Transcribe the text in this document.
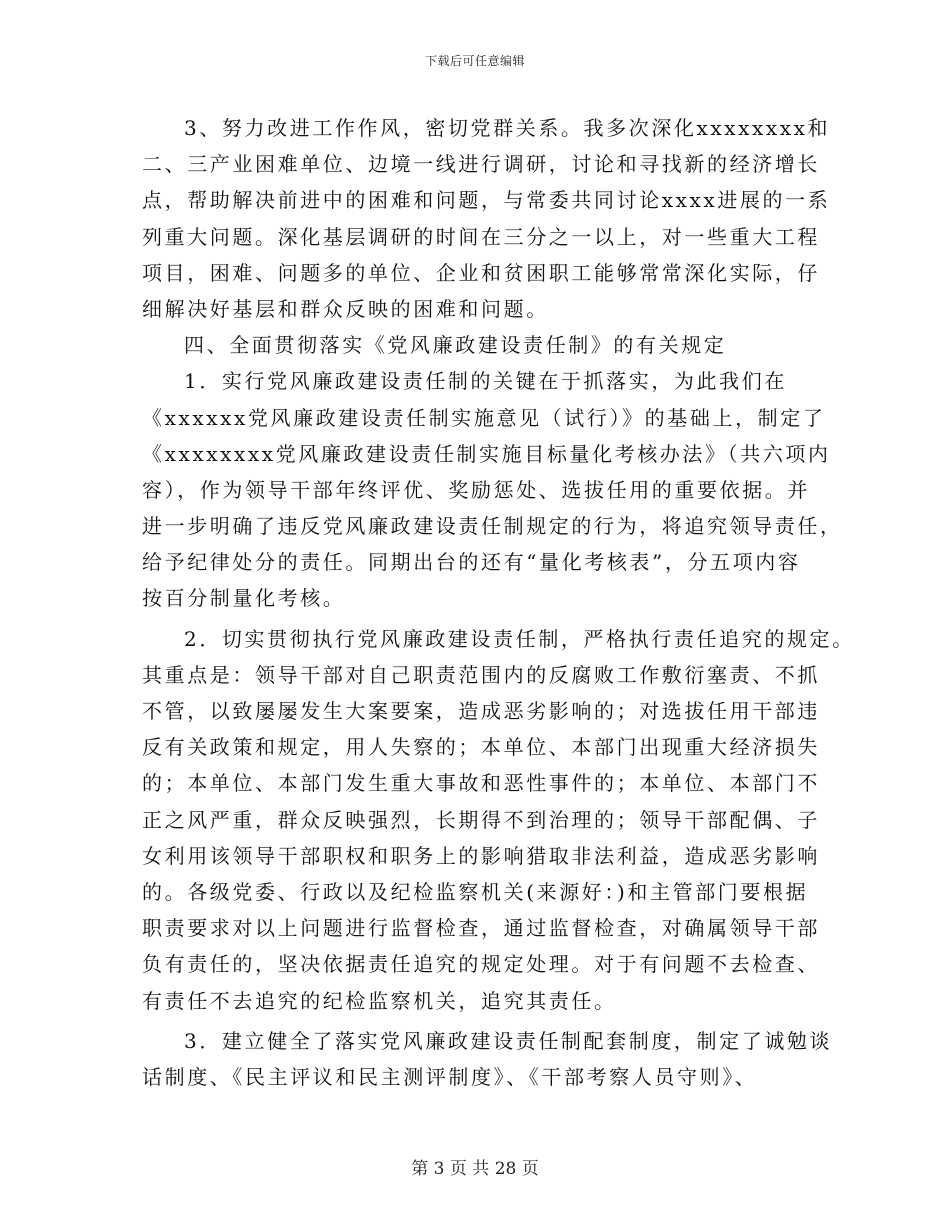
下载后可任意编辑
3、努力改进工作作风，密切党群关系。我多次深化xxxxxxxx和
二、三产业困难单位、边境一线进行调研，讨论和寻找新的经济增长
点，帮助解决前进中的困难和问题，与常委共同讨论xxxx进展的一系
列重大问题。深化基层调研的时间在三分之一以上，对一些重大工程
项目，困难、问题多的单位、企业和贫困职工能够常常深化实际，仔
细解决好基层和群众反映的困难和问题。
四、全面贯彻落实《党风廉政建设责任制》的有关规定
1．实行党风廉政建设责任制的关键在于抓落实，为此我们在
《xxxxxx党风廉政建设责任制实施意见（试行）》的基础上，制定了
《xxxxxxxx党风廉政建设责任制实施目标量化考核办法》（共六项内
容），作为领导干部年终评优、奖励惩处、选拔任用的重要依据。并
进一步明确了违反党风廉政建设责任制规定的行为，将追究领导责任，
给予纪律处分的责任。同期出台的还有“量化考核表”，分五项内容
按百分制量化考核。
2．切实贯彻执行党风廉政建设责任制，严格执行责任追究的规定。
其重点是：领导干部对自己职责范围内的反腐败工作敷衍塞责、不抓
不管，以致屡屡发生大案要案，造成恶劣影响的；对选拔任用干部违
反有关政策和规定，用人失察的；本单位、本部门出现重大经济损失
的；本单位、本部门发生重大事故和恶性事件的；本单位、本部门不
正之风严重，群众反映强烈，长期得不到治理的；领导干部配偶、子
女利用该领导干部职权和职务上的影响猎取非法利益，造成恶劣影响
的。各级党委、行政以及纪检监察机关(来源好：)和主管部门要根据
职责要求对以上问题进行监督检查，通过监督检查，对确属领导干部
负有责任的，坚决依据责任追究的规定处理。对于有问题不去检查、
有责任不去追究的纪检监察机关，追究其责任。
3．建立健全了落实党风廉政建设责任制配套制度，制定了诚勉谈
话制度、《民主评议和民主测评制度》、《干部考察人员守则》、
第 3 页 共 28 页
